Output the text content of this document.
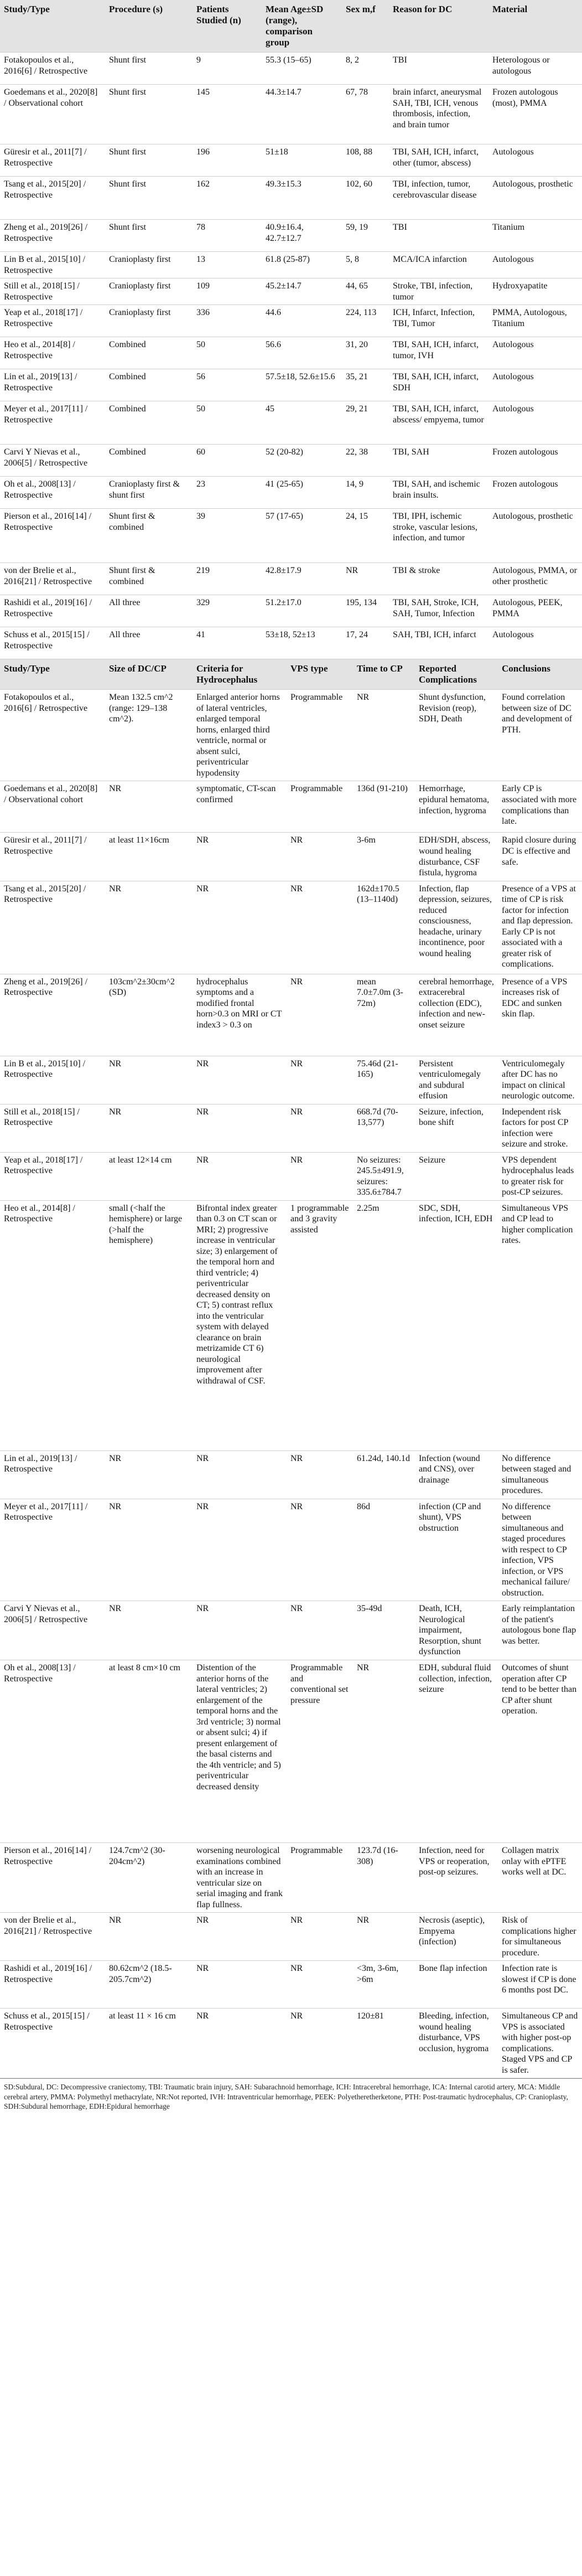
Study/Type	Procedure (s)	Patients Studied (n)	Mean Age±SD (range), comparison group	Sex m,f	Reason for DC	Material
Fotakopoulos et al., 2016[6] / Retrospective	Shunt first	9	55.3 (15–65)	8, 2	TBI	Heterologous or autologous
Goedemans et al., 2020[8] / Observational cohort	Shunt first	145	44.3±14.7	67, 78	brain infarct, aneurysmal SAH, TBI, ICH, venous thrombosis, infection, and brain tumor	Frozen autologous (most), PMMA
Güresir et al., 2011[7] / Retrospective	Shunt first	196	51±18	108, 88	TBI, SAH, ICH, infarct, other (tumor, abscess)	Autologous
Tsang et al., 2015[20] / Retrospective	Shunt first	162	49.3±15.3	102, 60	TBI, infection, tumor, cerebrovascular disease	Autologous, prosthetic
Zheng et al., 2019[26] / Retrospective	Shunt first	78	40.9±16.4, 42.7±12.7	59, 19	TBI	Titanium
Lin B et al., 2015[10] / Retrospective	Cranioplasty first	13	61.8 (25-87)	5, 8	MCA/ICA infarction	Autologous
Still et al., 2018[15] / Retrospective	Cranioplasty first	109	45.2±14.7	44, 65	Stroke, TBI, infection, tumor	Hydroxyapatite
Yeap et al., 2018[17] / Retrospective	Cranioplasty first	336	44.6	224, 113	ICH, Infarct, Infection, TBI, Tumor	PMMA, Autologous, Titanium
Heo et al., 2014[8] / Retrospective	Combined	50	56.6	31, 20	TBI, SAH, ICH, infarct, tumor, IVH	Autologous
Lin et al., 2019[13] / Retrospective	Combined	56	57.5±18, 52.6±15.6	35, 21	TBI, SAH, ICH, infarct, SDH	Autologous
Meyer et al., 2017[11] / Retrospective	Combined	50	45	29, 21	TBI, SAH, ICH, infarct, abscess/ empyema, tumor	Autologous
Carvi Y Nievas et al., 2006[5] / Retrospective	Combined	60	52 (20-82)	22, 38	TBI, SAH	Frozen autologous
Oh et al., 2008[13] / Retrospective	Cranioplasty first & shunt first	23	41 (25-65)	14, 9	TBI, SAH, and ischemic brain insults.	Frozen autologous
Pierson et al., 2016[14] / Retrospective	Shunt first & combined	39	57 (17-65)	24, 15	TBI, IPH, ischemic stroke, vascular lesions, infection, and tumor	Autologous, prosthetic
von der Brelie et al., 2016[21] / Retrospective	Shunt first & combined	219	42.8±17.9	NR	TBI & stroke	Autologous, PMMA, or other prosthetic
Rashidi et al., 2019[16] / Retrospective	All three	329	51.2±17.0	195, 134	TBI, SAH, Stroke, ICH, SAH, Tumor, Infection	Autologous, PEEK, PMMA
Schuss et al., 2015[15] / Retrospective	All three	41	53±18, 52±13	17, 24	SAH, TBI, ICH, infarct	Autologous
Study/Type	Size of DC/CP	Criteria for Hydrocephalus	VPS type	Time to CP	Reported Complications	Conclusions
Fotakopoulos et al., 2016[6] / Retrospective	Mean 132.5 cm^2 (range: 129–138 cm^2).	Enlarged anterior horns of lateral ventricles, enlarged temporal horns, enlarged third ventricle, normal or absent sulci, periventricular hypodensity	Programmable	NR	Shunt dysfunction, Revision (reop), SDH, Death	Found correlation between size of DC and development of PTH.
Goedemans et al., 2020[8] / Observational cohort	NR	symptomatic, CT-scan confirmed	Programmable	136d (91-210)	Hemorrhage, epidural hematoma, infection, hygroma	Early CP is associated with more complications than late.
Güresir et al., 2011[7] / Retrospective	at least 11×16cm	NR	NR	3-6m	EDH/SDH, abscess, wound healing disturbance, CSF fistula, hygroma	Rapid closure during DC is effective and safe.
Tsang et al., 2015[20] / Retrospective	NR	NR	NR	162d±170.5 (13–1140d)	Infection, flap depression, seizures, reduced consciousness, headache, urinary incontinence, poor wound healing	Presence of a VPS at time of CP is risk factor for infection and flap depression. Early CP is not associated with a greater risk of complications.
Zheng et al., 2019[26] / Retrospective	103cm^2±30cm^2 (SD)	hydrocephalus symptoms and a modified frontal horn>0.3 on MRI or CT index3 > 0.3 on	NR	mean 7.0±7.0m (3-72m)	cerebral hemorrhage, extracerebral collection (EDC), infection and new-onset seizure	Presence of a VPS increases risk of EDC and sunken skin flap.
Lin B et al., 2015[10] / Retrospective	NR	NR	NR	75.46d (21-165)	Persistent ventriculomegaly and subdural effusion	Ventriculomegaly after DC has no impact on clinical neurologic outcome.
Still et al., 2018[15] / Retrospective	NR	NR	NR	668.7d (70-13,577)	Seizure, infection, bone shift	Independent risk factors for post CP infection were seizure and stroke.
Yeap et al., 2018[17] / Retrospective	at least 12×14 cm	NR	NR	No seizures: 245.5±491.9, seizures: 335.6±784.7	Seizure	VPS dependent hydrocephalus leads to greater risk for post-CP seizures.
Heo et al., 2014[8] / Retrospective	small (<half the hemisphere) or large (>half the hemisphere)	Bifrontal index greater than 0.3 on CT scan or MRI; 2) progressive increase in ventricular size; 3) enlargement of the temporal horn and third ventricle; 4) periventricular decreased density on CT; 5) contrast reflux into the ventricular system with delayed clearance on brain metrizamide CT 6) neurological improvement after withdrawal of CSF.	1 programmable and 3 gravity assisted	2.25m	SDC, SDH, infection, ICH, EDH	Simultaneous VPS and CP lead to higher complication rates.
Lin et al., 2019[13] / Retrospective	NR	NR	NR	61.24d, 140.1d	Infection (wound and CNS), over drainage	No difference between staged and simultaneous procedures.
Meyer et al., 2017[11] / Retrospective	NR	NR	NR	86d	infection (CP and shunt), VPS obstruction	No difference between simultaneous and staged procedures with respect to CP infection, VPS infection, or VPS mechanical failure/ obstruction.
Carvi Y Nievas et al., 2006[5] / Retrospective	NR	NR	NR	35-49d	Death, ICH, Neurological impairment, Resorption, shunt dysfunction	Early reimplantation of the patient's autologous bone flap was better.
Oh et al., 2008[13] / Retrospective	at least 8 cm×10 cm	Distention of the anterior horns of the lateral ventricles; 2) enlargement of the temporal horns and the 3rd ventricle; 3) normal or absent sulci; 4) if present enlargement of the basal cisterns and the 4th ventricle; and 5) periventricular decreased density	Programmable and conventional set pressure	NR	EDH, subdural fluid collection, infection, seizure	Outcomes of shunt operation after CP tend to be better than CP after shunt operation.
Pierson et al., 2016[14] / Retrospective	124.7cm^2 (30-204cm^2)	worsening neurological examinations combined with an increase in ventricular size on serial imaging and frank flap fullness.	Programmable	123.7d (16-308)	Infection, need for VPS or reoperation, post-op seizures.	Collagen matrix onlay with ePTFE works well at DC.
von der Brelie et al., 2016[21] / Retrospective	NR	NR	NR	NR	Necrosis (aseptic), Empyema (infection)	Risk of complications higher for simultaneous procedure.
Rashidi et al., 2019[16] / Retrospective	80.62cm^2 (18.5-205.7cm^2)	NR	NR	<3m, 3-6m, >6m	Bone flap infection	Infection rate is slowest if CP is done 6 months post DC.
Schuss et al., 2015[15] / Retrospective	at least 11 × 16 cm	NR	NR	120±81	Bleeding, infection, wound healing disturbance, VPS occlusion, hygroma	Simultaneous CP and VPS is associated with higher post-op complications. Staged VPS and CP is safer.
SD:Subdural, DC: Decompressive craniectomy, TBI: Traumatic brain injury, SAH: Subarachnoid hemorrhage, ICH: Intracerebral hemorrhage, ICA: Internal carotid artery, MCA: Middle cerebral artery, PMMA: Polymethyl methacrylate, NR:Not reported, IVH: Intraventricular hemorrhage, PEEK: Polyetheretherketone, PTH: Post-traumatic hydrocephalus, CP: Cranioplasty, SDH:Subdural hemorrhage, EDH:Epidural hemorrhage
